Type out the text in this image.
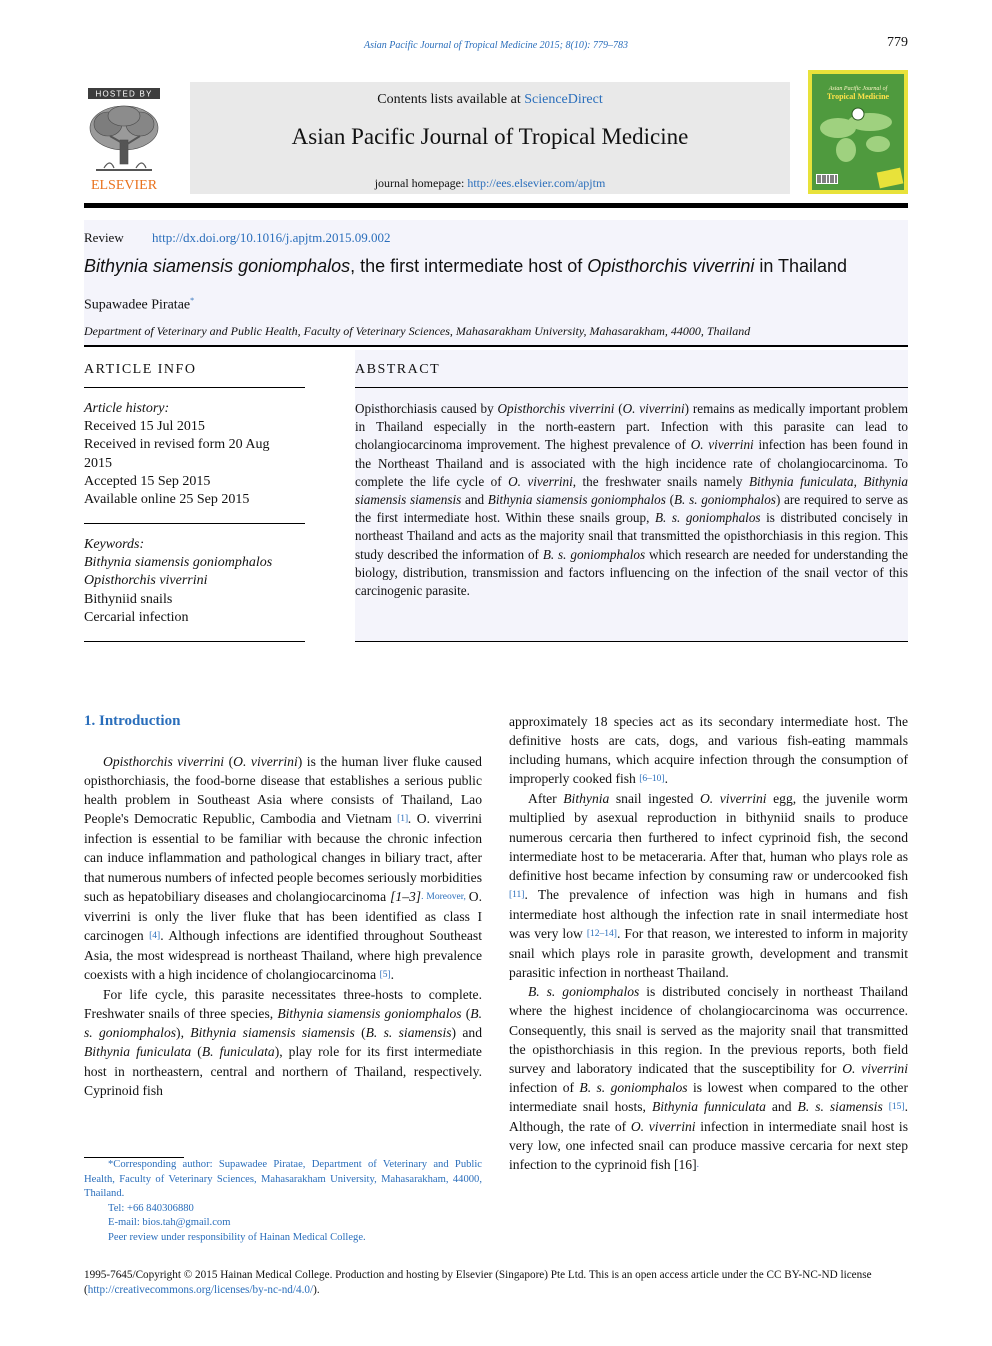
Asian Pacific Journal of Tropical Medicine 2015; 8(10): 779–783	779
HOSTED BY
ELSEVIER
Contents lists available at ScienceDirect
Asian Pacific Journal of Tropical Medicine
journal homepage: http://ees.elsevier.com/apjtm
Asian Pacific Journal of
Tropical Medicine
Review http://dx.doi.org/10.1016/j.apjtm.2015.09.002
Bithynia siamensis goniomphalos, the first intermediate host of Opisthorchis viverrini in Thailand
Supawadee Piratae*
Department of Veterinary and Public Health, Faculty of Veterinary Sciences, Mahasarakham University, Mahasarakham, 44000, Thailand
ARTICLE INFO
Article history:
Received 15 Jul 2015
Received in revised form 20 Aug
2015
Accepted 15 Sep 2015
Available online 25 Sep 2015
Keywords:
Bithynia siamensis goniomphalos
Opisthorchis viverrini
Bithyniid snails
Cercarial infection
ABSTRACT
Opisthorchiasis caused by Opisthorchis viverrini (O. viverrini) remains as medically important problem in Thailand especially in the north-eastern part. Infection with this parasite can lead to cholangiocarcinoma improvement. The highest prevalence of O. viverrini infection has been found in the Northeast Thailand and is associated with the high incidence rate of cholangiocarcinoma. To complete the life cycle of O. viverrini, the freshwater snails namely Bithynia funiculata, Bithynia siamensis siamensis and Bithynia siamensis goniomphalos (B. s. goniomphalos) are required to serve as the first intermediate host. Within these snails group, B. s. goniomphalos is distributed concisely in northeast Thailand and acts as the majority snail that transmitted the opisthorchiasis in this region. This study described the information of B. s. goniomphalos which research are needed for understanding the biology, distribution, transmission and factors influencing on the infection of the snail vector of this carcinogenic parasite.
1. Introduction

Opisthorchis viverrini (O. viverrini) is the human liver fluke caused opisthorchiasis, the food-borne disease that establishes a serious public health problem in Southeast Asia where consists of Thailand, Lao People's Democratic Republic, Cambodia and Vietnam [1]. O. viverrini infection is essential to be familiar with because the chronic infection can induce inflammation and pathological changes in biliary tract, after that numerous numbers of infected people becomes seriously morbidities such as hepatobiliary diseases and cholangiocarcinoma [1–3]. Moreover, O. viverrini is only the liver fluke that has been identified as class I carcinogen [4]. Although infections are identified throughout Southeast Asia, the most widespread is northeast Thailand, where high prevalence coexists with a high incidence of cholangiocarcinoma [5].

For life cycle, this parasite necessitates three-hosts to complete. Freshwater snails of three species, Bithynia siamensis goniomphalos (B. s. goniomphalos), Bithynia siamensis siamensis (B. s. siamensis) and Bithynia funiculata (B. funiculata), play role for its first intermediate host in northeastern, central and northern of Thailand, respectively. Cyprinoid fish

approximately 18 species act as its secondary intermediate host. The definitive hosts are cats, dogs, and various fish-eating mammals including humans, which acquire infection through the consumption of improperly cooked fish [6–10].

After Bithynia snail ingested O. viverrini egg, the juvenile worm multiplied by asexual reproduction in bithyniid snails to produce numerous cercaria then furthered to infect cyprinoid fish, the second intermediate host to be metaceraria. After that, human who plays role as definitive host became infection by consuming raw or undercooked fish [11]. The prevalence of infection was high in humans and fish intermediate host although the infection rate in snail intermediate host was very low [12–14]. For that reason, we interested to inform in majority snail which plays role in parasite growth, development and transmit parasitic infection in northeast Thailand.

B. s. goniomphalos is distributed concisely in northeast Thailand where the highest incidence of cholangiocarcinoma was occurrence. Consequently, this snail is served as the majority snail that transmitted the opisthorchiasis in this region. In the previous reports, both field survey and laboratory indicated that the susceptibility for O. viverrini infection of B. s. goniomphalos is lowest when compared to the other intermediate snail hosts, Bithynia funniculata and B. s. siamensis [15]. Although, the rate of O. viverrini infection in intermediate snail host is very low, one infected snail can produce massive cercaria for next step infection to the cyprinoid fish [16].

*Corresponding author: Supawadee Piratae, Department of Veterinary and Public Health, Faculty of Veterinary Sciences, Mahasarakham University, Mahasarakham, 44000, Thailand.

Tel: +66 840306880

E-mail: bios.tah@gmail.com

Peer review under responsibility of Hainan Medical College.

1995-7645/Copyright © 2015 Hainan Medical College. Production and hosting by Elsevier (Singapore) Pte Ltd. This is an open access article under the CC BY-NC-ND license (http://creativecommons.org/licenses/by-nc-nd/4.0/).
